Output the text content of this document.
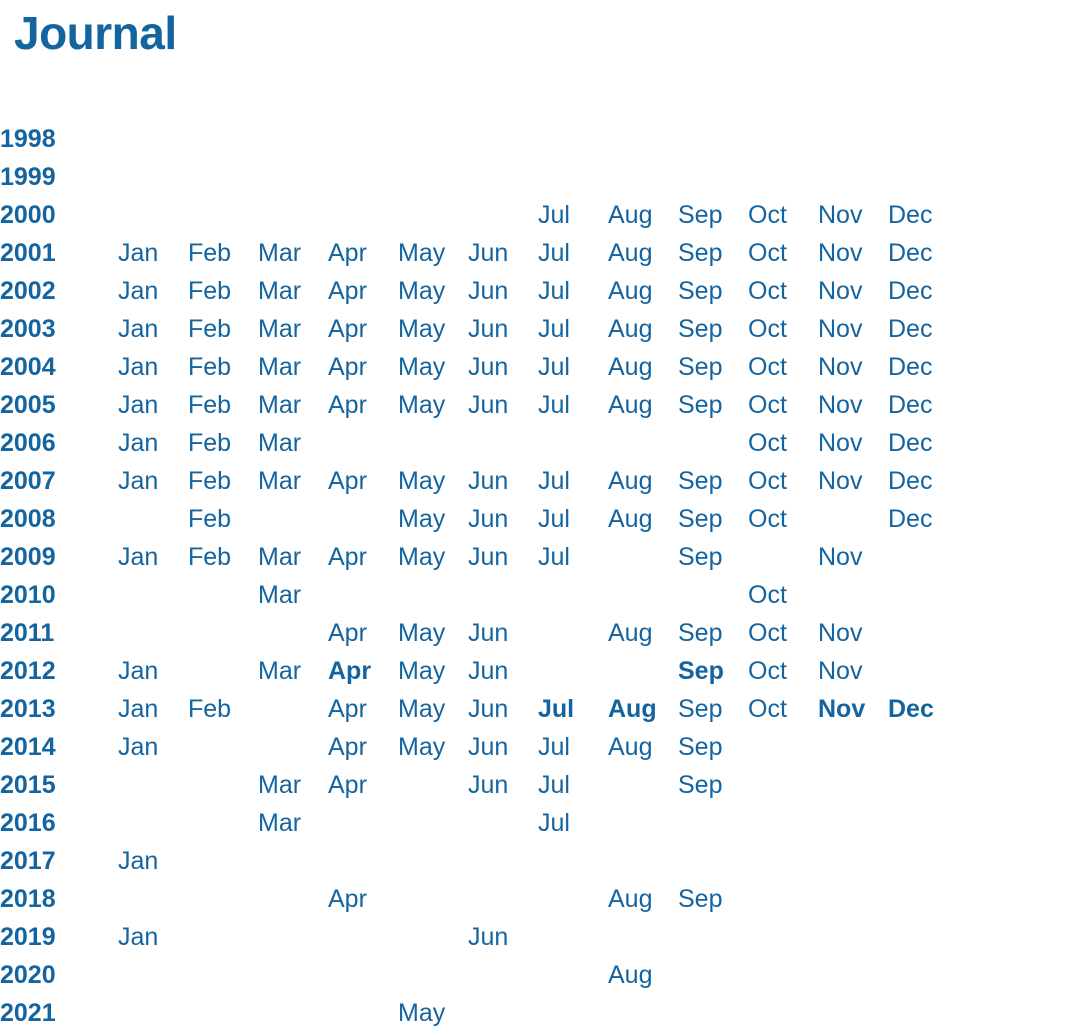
Journal
1998												
1999												
2000							Jul	Aug	Sep	Oct	Nov	Dec
2001	Jan	Feb	Mar	Apr	May	Jun	Jul	Aug	Sep	Oct	Nov	Dec
2002	Jan	Feb	Mar	Apr	May	Jun	Jul	Aug	Sep	Oct	Nov	Dec
2003	Jan	Feb	Mar	Apr	May	Jun	Jul	Aug	Sep	Oct	Nov	Dec
2004	Jan	Feb	Mar	Apr	May	Jun	Jul	Aug	Sep	Oct	Nov	Dec
2005	Jan	Feb	Mar	Apr	May	Jun	Jul	Aug	Sep	Oct	Nov	Dec
2006	Jan	Feb	Mar							Oct	Nov	Dec
2007	Jan	Feb	Mar	Apr	May	Jun	Jul	Aug	Sep	Oct	Nov	Dec
2008		Feb			May	Jun	Jul	Aug	Sep	Oct		Dec
2009	Jan	Feb	Mar	Apr	May	Jun	Jul		Sep		Nov	
2010			Mar							Oct		
2011				Apr	May	Jun		Aug	Sep	Oct	Nov	
2012	Jan		Mar	Apr	May	Jun			Sep	Oct	Nov	
2013	Jan	Feb		Apr	May	Jun	Jul	Aug	Sep	Oct	Nov	Dec
2014	Jan			Apr	May	Jun	Jul	Aug	Sep			
2015			Mar	Apr		Jun	Jul		Sep			
2016			Mar				Jul					
2017	Jan											
2018				Apr				Aug	Sep			
2019	Jan					Jun						
2020								Aug				
2021					May							
